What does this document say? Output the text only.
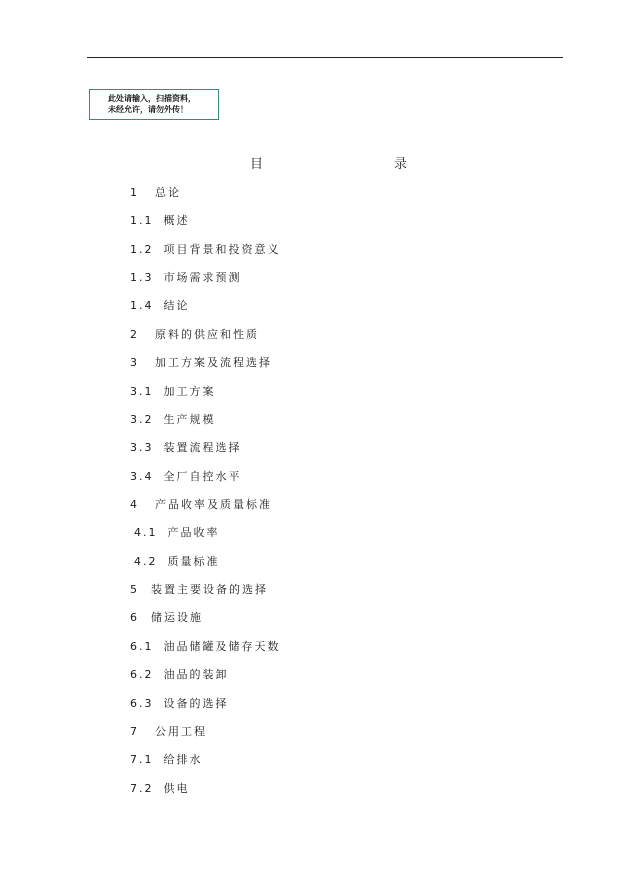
此处请输入，扫描资料，
未经允许，请勿外传！
目	录
1 总论
1.1 概述
1.2 项目背景和投资意义
1.3 市场需求预测
1.4 结论
2 原料的供应和性质
3 加工方案及流程选择
3.1 加工方案
3.2 生产规模
3.3 装置流程选择
3.4 全厂自控水平
4 产品收率及质量标准
4.1 产品收率
4.2 质量标准
5 装置主要设备的选择
6 储运设施
6.1 油品储罐及储存天数
6.2 油品的装卸
6.3 设备的选择
7 公用工程
7.1 给排水
7.2 供电
